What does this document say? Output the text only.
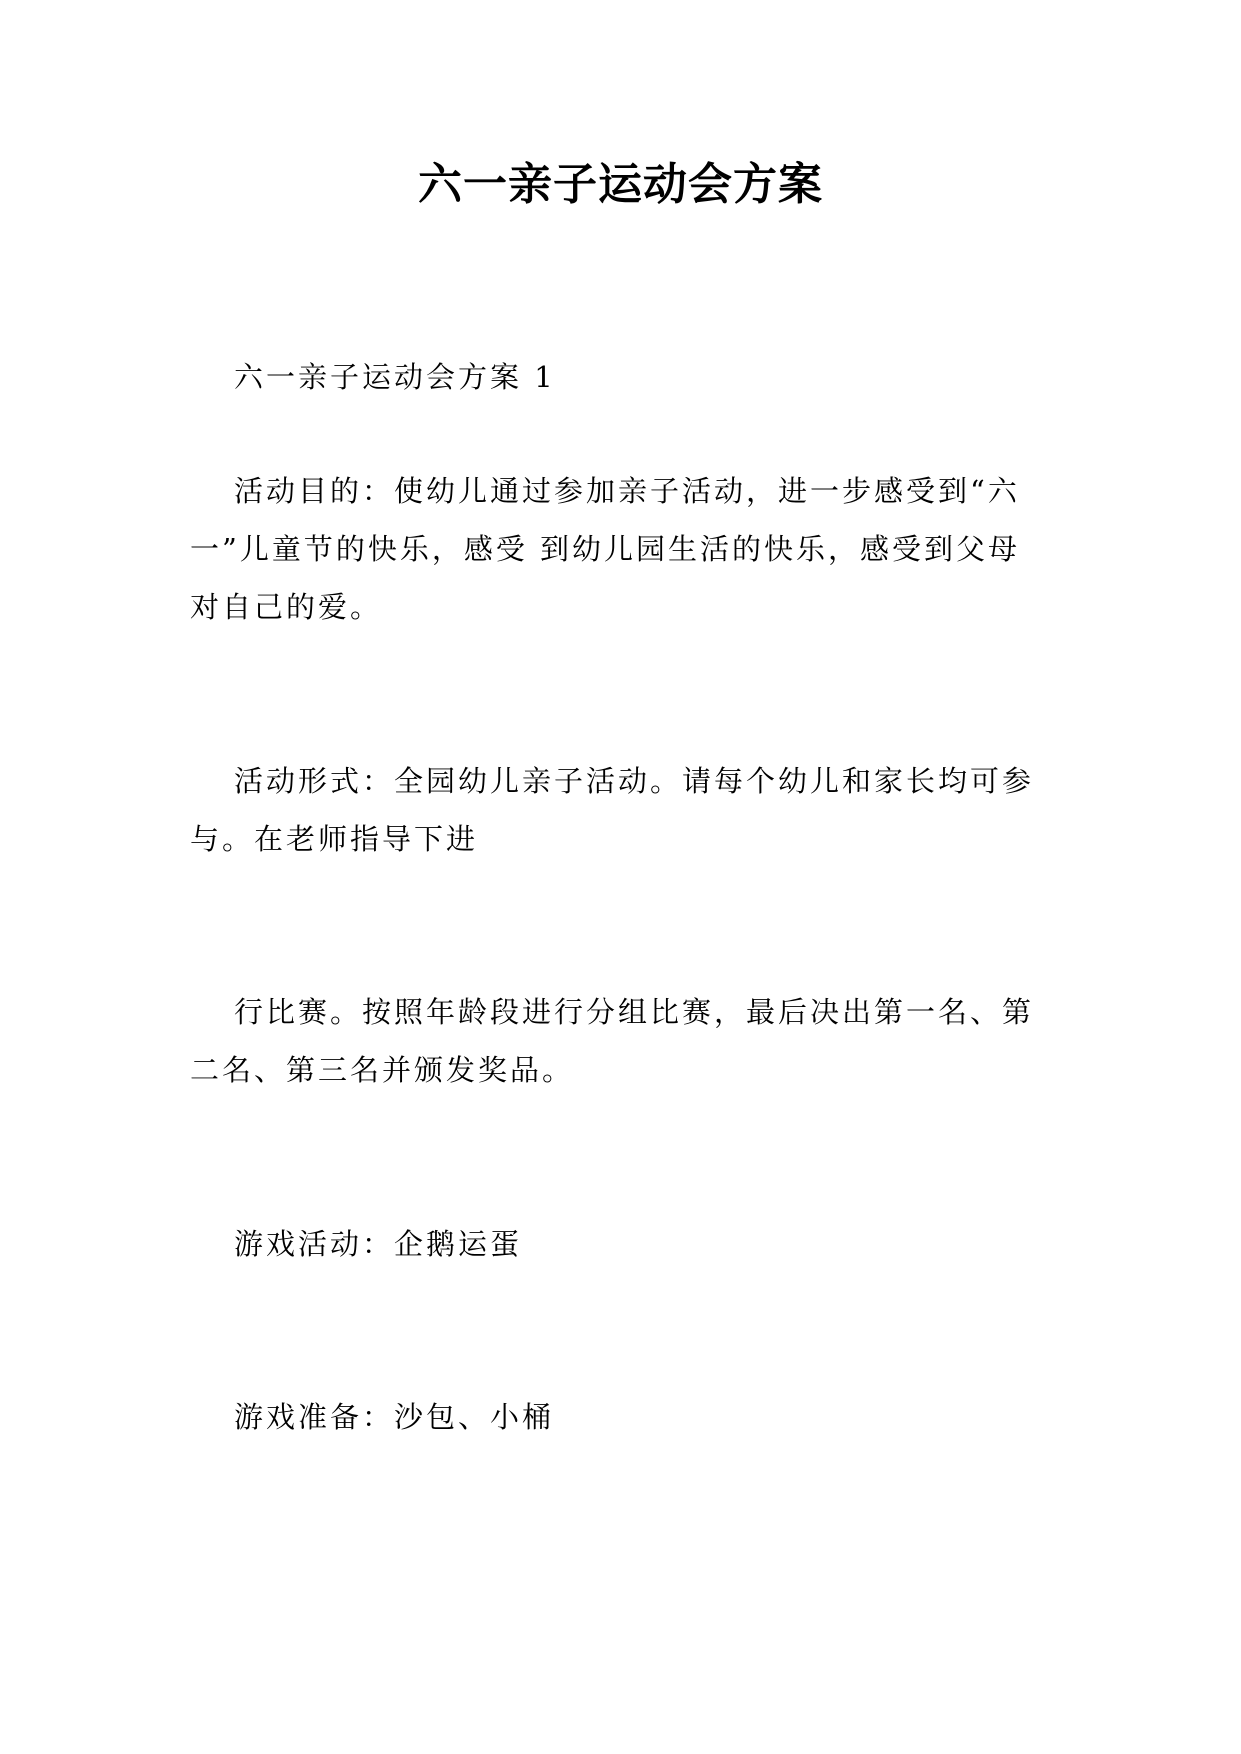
六一亲子运动会方案

六一亲子运动会方案 1

活动目的：使幼儿通过参加亲子活动，进一步感受到“六一”儿童节的快乐，感受 到幼儿园生活的快乐，感受到父母对自己的爱。

活动形式：全园幼儿亲子活动。请每个幼儿和家长均可参与。在老师指导下进

行比赛。按照年龄段进行分组比赛，最后决出第一名、第二名、第三名并颁发奖品。

游戏活动：企鹅运蛋

游戏准备：沙包、小桶
